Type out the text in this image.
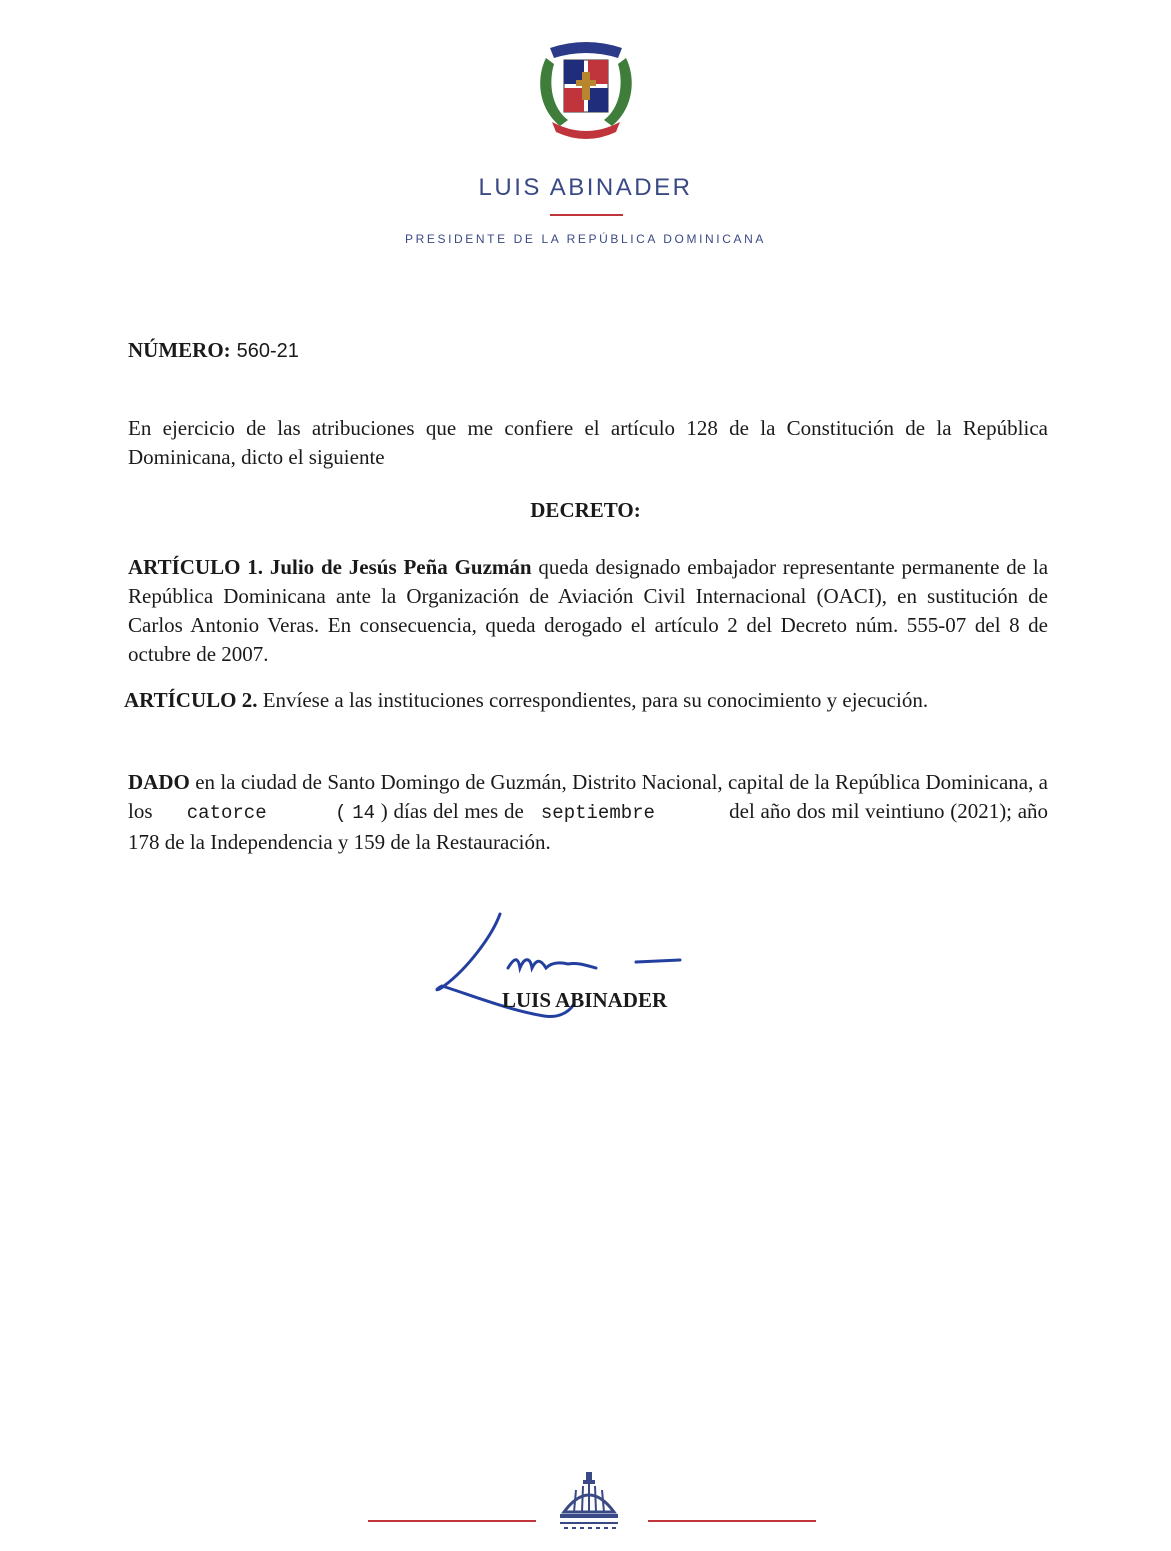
LUIS ABINADER
PRESIDENTE DE LA REPÚBLICA DOMINICANA
NÚMERO: 560-21
En ejercicio de las atribuciones que me confiere el artículo 128 de la Constitución de la República Dominicana, dicto el siguiente
DECRETO:
ARTÍCULO 1. Julio de Jesús Peña Guzmán queda designado embajador representante permanente de la República Dominicana ante la Organización de Aviación Civil Internacional (OACI), en sustitución de Carlos Antonio Veras. En consecuencia, queda derogado el artículo 2 del Decreto núm. 555-07 del 8 de octubre de 2007.
ARTÍCULO 2. Envíese a las instituciones correspondientes, para su conocimiento y ejecución.
DADO en la ciudad de Santo Domingo de Guzmán, Distrito Nacional, capital de la República Dominicana, a los catorce	( 14 ) días del mes de septiembre	del año dos mil veintiuno (2021); año 178 de la Independencia y 159 de la Restauración.
LUIS ABINADER
